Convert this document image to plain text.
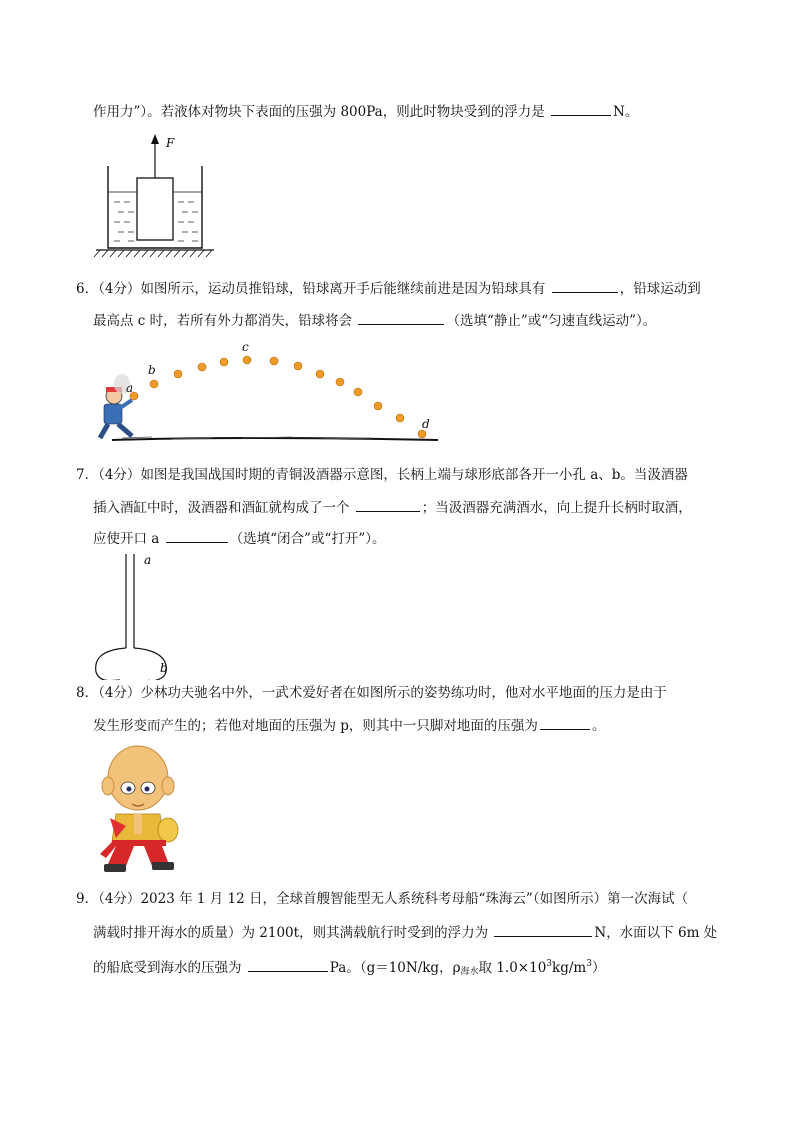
作用力”）。若液体对物块下表面的压强为 800Pa，则此时物块受到的浮力是	N。
F
6．（4分）如图所示，运动员推铅球，铅球离开手后能继续前进是因为铅球具有	，铅球运动到
最高点 c 时，若所有外力都消失，铅球将会	（选填“静止”或“匀速直线运动”）。
a
b
c
d
7．（4分）如图是我国战国时期的青铜汲酒器示意图，长柄上端与球形底部各开一小孔 a、b。当汲酒器
插入酒缸中时，汲酒器和酒缸就构成了一个	；当汲酒器充满酒水，向上提升长柄时取酒，
应使开口 a	（选填“闭合”或“打开”）。
a
b
8．（4分）少林功夫驰名中外，一武术爱好者在如图所示的姿势练功时，他对水平地面的压力是由于
发生形变而产生的；若他对地面的压强为 p，则其中一只脚对地面的压强为	。
9．（4分）2023 年 1 月 12 日，全球首艘智能型无人系统科考母船“珠海云”（如图所示）第一次海试（
满载时排开海水的质量）为 2100t，则其满载航行时受到的浮力为	N，水面以下 6m 处
的船底受到海水的压强为	Pa。（g＝10N/kg，$\rho_{海水}$取 $1.0\times 10^3kg/m^3$）
